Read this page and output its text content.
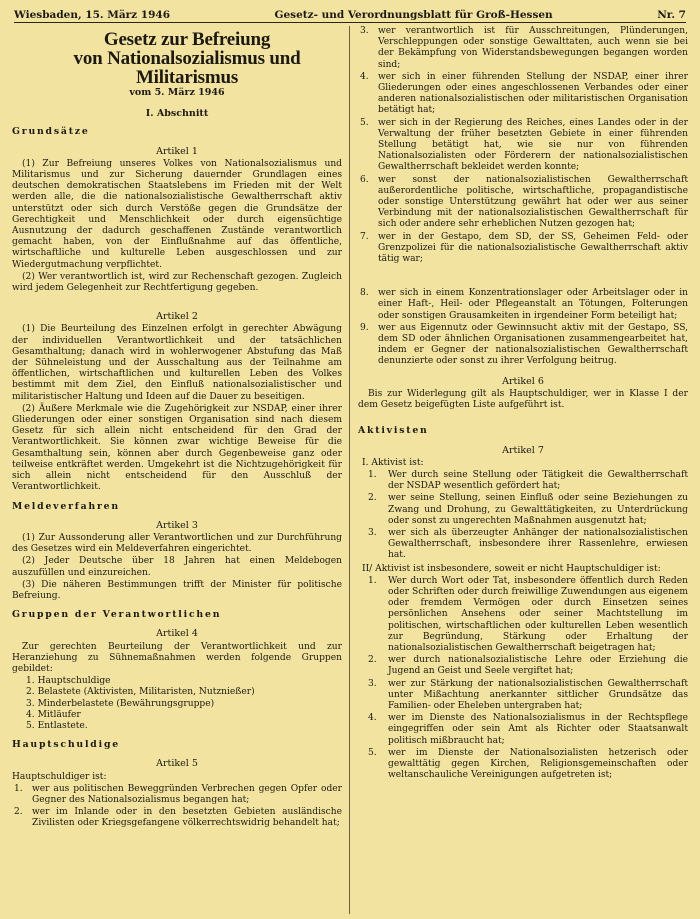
Wiesbaden, 15. März 1946	Gesetz- und Verordnungsblatt für Groß-Hessen	Nr. 7
Gesetz zur Befreiung
von Nationalsozialismus und
Militarismus
vom 5. März 1946
I. Abschnitt
Grundsätze
Artikel 1
(1) Zur Befreiung unseres Volkes von Nationalsozialismus und Militarismus und zur Sicherung dauernder Grundlagen eines deutschen demokratischen Staatslebens im Frieden mit der Welt werden alle, die die nationalsozialistische Gewaltherrschaft aktiv unterstützt oder sich durch Verstöße gegen die Grundsätze der Gerechtigkeit und Menschlichkeit oder durch eigensüchtige Ausnutzung der dadurch geschaffenen Zustände verantwortlich gemacht haben, von der Einflußnahme auf das öffentliche, wirtschaftliche und kulturelle Leben ausgeschlossen und zur Wiedergutmachung verpflichtet.
(2) Wer verantwortlich ist, wird zur Rechenschaft gezogen. Zugleich wird jedem Gelegenheit zur Rechtfertigung gegeben.
Artikel 2
(1) Die Beurteilung des Einzelnen erfolgt in gerechter Abwägung der individuellen Verantwortlichkeit und der tatsächlichen Gesamthaltung; danach wird in wohlerwogener Abstufung das Maß der Sühneleistung und der Ausschaltung aus der Teilnahme am öffentlichen, wirtschaftlichen und kulturellen Leben des Volkes bestimmt mit dem Ziel, den Einfluß nationalsozialistischer und militaristischer Haltung und Ideen auf die Dauer zu beseitigen.
(2) Äußere Merkmale wie die Zugehörigkeit zur NSDAP, einer ihrer Gliederungen oder einer sonstigen Organisation sind nach diesem Gesetz für sich allein nicht entscheidend für den Grad der Verantwortlichkeit. Sie können zwar wichtige Beweise für die Gesamthaltung sein, können aber durch Gegenbeweise ganz oder teilweise entkräftet werden. Umgekehrt ist die Nichtzugehörigkeit für sich allein nicht entscheidend für den Ausschluß der Verantwortlichkeit.
Meldeverfahren
Artikel 3
(1) Zur Aussonderung aller Verantwortlichen und zur Durchführung des Gesetzes wird ein Meldeverfahren eingerichtet.
(2) Jeder Deutsche über 18 Jahren hat einen Meldebogen auszufüllen und einzureichen.
(3) Die näheren Bestimmungen trifft der Minister für politische Befreiung.
Gruppen der Verantwortlichen
Artikel 4
Zur gerechten Beurteilung der Verantwortlichkeit und zur Heranziehung zu Sühnemaßnahmen werden folgende Gruppen gebildet:
1. Hauptschuldige
2. Belastete (Aktivisten, Militaristen, Nutznießer)
3. Minderbelastete (Bewährungsgruppe)
4. Mitläufer
5. Entlastete.
Hauptschuldige
Artikel 5
Hauptschuldiger ist:
1.	wer aus politischen Beweggründen Verbrechen gegen Opfer oder Gegner des Nationalsozialismus begangen hat;
2.	wer im Inlande oder in den besetzten Gebieten ausländische Zivilisten oder Kriegsgefangene völkerrechtswidrig behandelt hat;
3.	wer verantwortlich ist für Ausschreitungen, Plünderungen, Verschleppungen oder sonstige Gewalttaten, auch wenn sie bei der Bekämpfung von Widerstandsbewegungen begangen worden sind;
4.	wer sich in einer führenden Stellung der NSDAP, einer ihrer Gliederungen oder eines angeschlossenen Verbandes oder einer anderen nationalsozialistischen oder militaristischen Organisation betätigt hat;
5.	wer sich in der Regierung des Reiches, eines Landes oder in der Verwaltung der früher besetzten Gebiete in einer führenden Stellung betätigt hat, wie sie nur von führenden Nationalsozialisten oder Förderern der nationalsozialistischen Gewaltherrschaft bekleidet werden konnte;
6.	wer sonst der nationalsozialistischen Gewaltherrschaft außerordentliche politische, wirtschaftliche, propagandistische oder sonstige Unterstützung gewährt hat oder wer aus seiner Verbindung mit der nationalsozialistischen Gewaltherrschaft für sich oder andere sehr erheblichen Nutzen gezogen hat;
7.	wer in der Gestapo, dem SD, der SS, Geheimen Feld- oder Grenzpolizei für die nationalsozialistische Gewaltherrschaft aktiv tätig war;
8.	wer sich in einem Konzentrationslager oder Arbeitslager oder in einer Haft-, Heil- oder Pflegeanstalt an Tötungen, Folterungen oder sonstigen Grausamkeiten in irgendeiner Form beteiligt hat;
9.	wer aus Eigennutz oder Gewinnsucht aktiv mit der Gestapo, SS, dem SD oder ähnlichen Organisationen zusammengearbeitet hat, indem er Gegner der nationalsozialistischen Gewaltherrschaft denunzierte oder sonst zu ihrer Verfolgung beitrug.
Artikel 6
Bis zur Widerlegung gilt als Hauptschuldiger, wer in Klasse I der dem Gesetz beigefügten Liste aufgeführt ist.
Aktivisten
Artikel 7
I. Aktivist ist:
1.	Wer durch seine Stellung oder Tätigkeit die Gewaltherrschaft der NSDAP wesentlich gefördert hat;
2.	wer seine Stellung, seinen Einfluß oder seine Beziehungen zu Zwang und Drohung, zu Gewalttätigkeiten, zu Unterdrückung oder sonst zu ungerechten Maßnahmen ausgenutzt hat;
3.	wer sich als überzeugter Anhänger der nationalsozialistischen Gewaltherrschaft, insbesondere ihrer Rassenlehre, erwiesen hat.
II/ Aktivist ist insbesondere, soweit er nicht Hauptschuldiger ist:
1.	Wer durch Wort oder Tat, insbesondere öffentlich durch Reden oder Schriften oder durch freiwillige Zuwendungen aus eigenem oder fremdem Vermögen oder durch Einsetzen seines persönlichen Ansehens oder seiner Machtstellung im politischen, wirtschaftlichen oder kulturellen Leben wesentlich zur Begründung, Stärkung oder Erhaltung der nationalsozialistischen Gewaltherrschaft beigetragen hat;
2.	wer durch nationalsozialistische Lehre oder Erziehung die Jugend an Geist und Seele vergiftet hat;
3.	wer zur Stärkung der nationalsozialistischen Gewaltherrschaft unter Mißachtung anerkannter sittlicher Grundsätze das Familien- oder Eheleben untergraben hat;
4.	wer im Dienste des Nationalsozialismus in der Rechtspflege eingegriffen oder sein Amt als Richter oder Staatsanwalt politisch mißbraucht hat;
5.	wer im Dienste der Nationalsozialisten hetzerisch oder gewalttätig gegen Kirchen, Religionsgemeinschaften oder weltanschauliche Vereinigungen aufgetreten ist;
